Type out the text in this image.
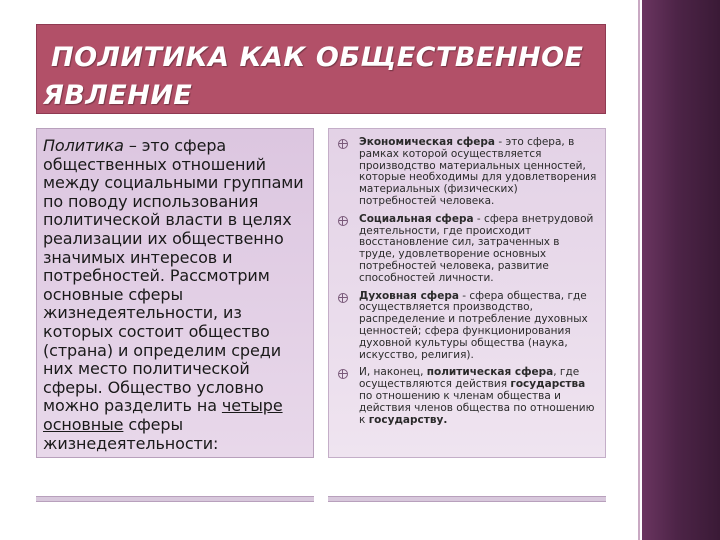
ПОЛИТИКА КАК ОБЩЕСТВЕННОЕ
ЯВЛЕНИЕ
Политика – это сфера общественных отношений между социальными группами по поводу использования политической власти в целях реализации их общественно значимых интересов и потребностей. Рассмотрим основные сферы жизнедеятельности, из которых состоит общество (страна) и определим среди них место политической сферы. Общество условно можно разделить на четыре основные сферы жизнедеятельности:
Экономическая сфера - это сфера, в рамках которой осуществляется производство материальных ценностей, которые необходимы для удовлетворения материальных (физических) потребностей человека.
Социальная сфера - сфера внетрудовой деятельности, где происходит восстановление сил, затраченных в труде, удовлетворение основных потребностей человека, развитие способностей личности.
Духовная сфера - сфера общества, где осуществляется производство, распределение и потребление духовных ценностей; сфера функционирования духовной культуры общества (наука, искусство, религия).
И, наконец, политическая сфера, где осуществляются действия государства по отношению к членам общества и действия членов общества по отношению к государству.
